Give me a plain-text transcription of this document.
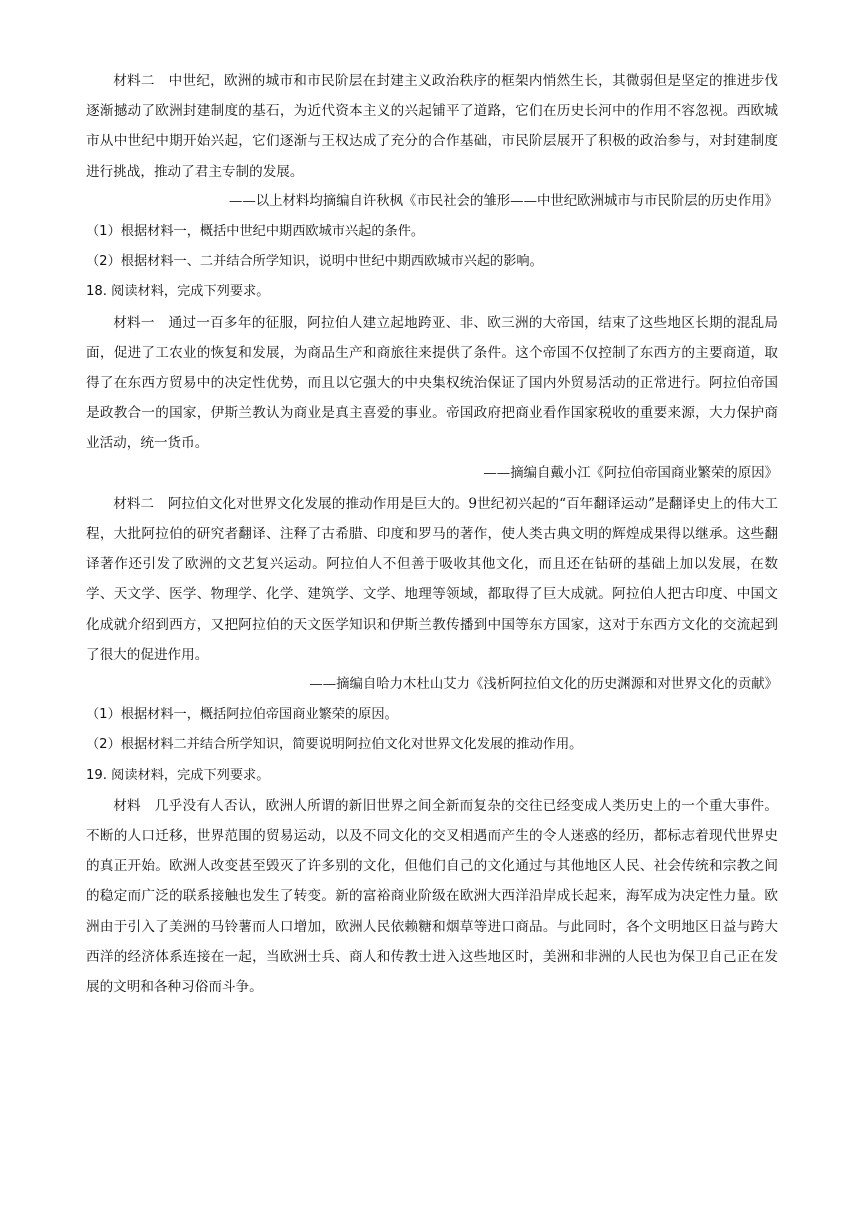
材料二　中世纪，欧洲的城市和市民阶层在封建主义政治秩序的框架内悄然生长，其微弱但是坚定的推进步伐逐渐撼动了欧洲封建制度的基石，为近代资本主义的兴起铺平了道路，它们在历史长河中的作用不容忽视。西欧城市从中世纪中期开始兴起，它们逐渐与王权达成了充分的合作基础，市民阶层展开了积极的政治参与，对封建制度进行挑战，推动了君主专制的发展。

——以上材料均摘编自许秋枫《市民社会的雏形——中世纪欧洲城市与市民阶层的历史作用》

（1）根据材料一，概括中世纪中期西欧城市兴起的条件。

（2）根据材料一、二并结合所学知识，说明中世纪中期西欧城市兴起的影响。

18. 阅读材料，完成下列要求。

材料一　通过一百多年的征服，阿拉伯人建立起地跨亚、非、欧三洲的大帝国，结束了这些地区长期的混乱局面，促进了工农业的恢复和发展，为商品生产和商旅往来提供了条件。这个帝国不仅控制了东西方的主要商道，取得了在东西方贸易中的决定性优势，而且以它强大的中央集权统治保证了国内外贸易活动的正常进行。阿拉伯帝国是政教合一的国家，伊斯兰教认为商业是真主喜爱的事业。帝国政府把商业看作国家税收的重要来源，大力保护商业活动，统一货币。

——摘编自戴小江《阿拉伯帝国商业繁荣的原因》

材料二　阿拉伯文化对世界文化发展的推动作用是巨大的。9世纪初兴起的“百年翻译运动”是翻译史上的伟大工程，大批阿拉伯的研究者翻译、注释了古希腊、印度和罗马的著作，使人类古典文明的辉煌成果得以继承。这些翻译著作还引发了欧洲的文艺复兴运动。阿拉伯人不但善于吸收其他文化，而且还在钻研的基础上加以发展，在数学、天文学、医学、物理学、化学、建筑学、文学、地理等领域，都取得了巨大成就。阿拉伯人把古印度、中国文化成就介绍到西方，又把阿拉伯的天文医学知识和伊斯兰教传播到中国等东方国家，这对于东西方文化的交流起到了很大的促进作用。

——摘编自哈力木杜山艾力《浅析阿拉伯文化的历史渊源和对世界文化的贡献》

（1）根据材料一，概括阿拉伯帝国商业繁荣的原因。

（2）根据材料二并结合所学知识，简要说明阿拉伯文化对世界文化发展的推动作用。

19. 阅读材料，完成下列要求。

材料　几乎没有人否认，欧洲人所谓的新旧世界之间全新而复杂的交往已经变成人类历史上的一个重大事件。不断的人口迁移，世界范围的贸易运动，以及不同文化的交叉相遇而产生的令人迷惑的经历，都标志着现代世界史的真正开始。欧洲人改变甚至毁灭了许多别的文化，但他们自己的文化通过与其他地区人民、社会传统和宗教之间的稳定而广泛的联系接触也发生了转变。新的富裕商业阶级在欧洲大西洋沿岸成长起来，海军成为决定性力量。欧洲由于引入了美洲的马铃薯而人口增加，欧洲人民依赖糖和烟草等进口商品。与此同时，各个文明地区日益与跨大西洋的经济体系连接在一起，当欧洲士兵、商人和传教士进入这些地区时，美洲和非洲的人民也为保卫自己正在发展的文明和各种习俗而斗争。
